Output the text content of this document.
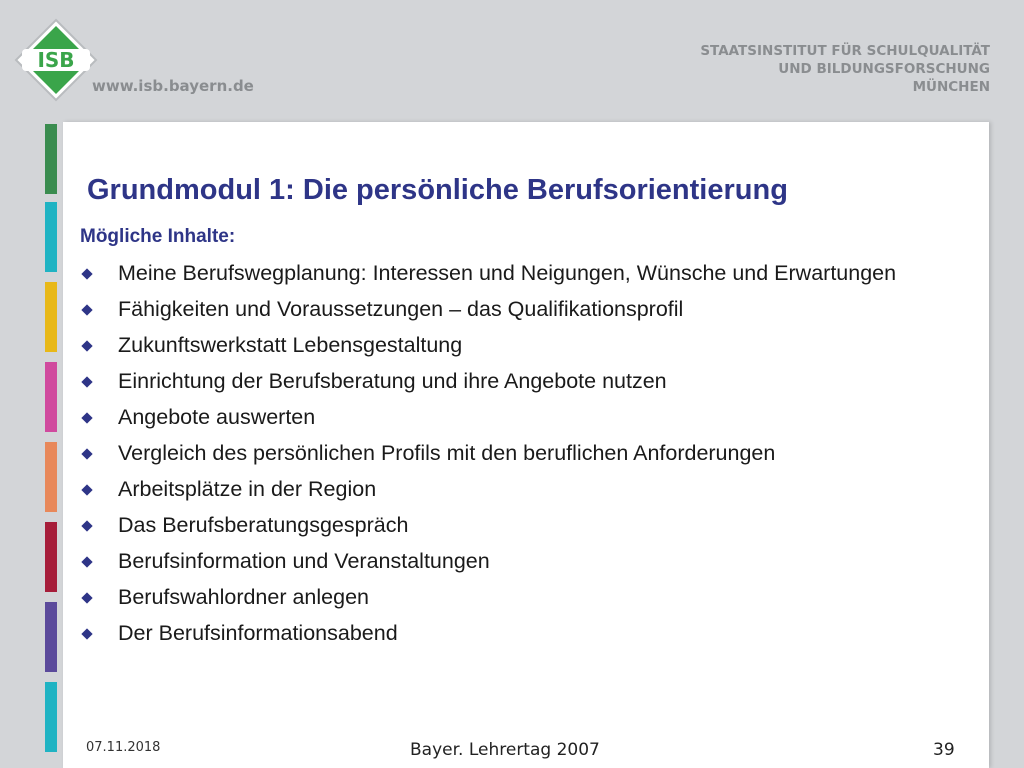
ISB
www.isb.bayern.de
STAATSINSTITUT FÜR SCHULQUALITÄT
UND BILDUNGSFORSCHUNG
MÜNCHEN
Grundmodul 1: Die persönliche Berufsorientierung
Mögliche Inhalte:
Meine Berufswegplanung: Interessen und Neigungen, Wünsche und Erwartungen
Fähigkeiten und Voraussetzungen – das Qualifikationsprofil
Zukunftswerkstatt Lebensgestaltung
Einrichtung der Berufsberatung und ihre Angebote nutzen
Angebote auswerten
Vergleich des persönlichen Profils mit den beruflichen Anforderungen
Arbeitsplätze in der Region
Das Berufsberatungsgespräch
Berufsinformation und Veranstaltungen
Berufswahlordner anlegen
Der Berufsinformationsabend
07.11.2018	Bayer. Lehrertag 2007	39
